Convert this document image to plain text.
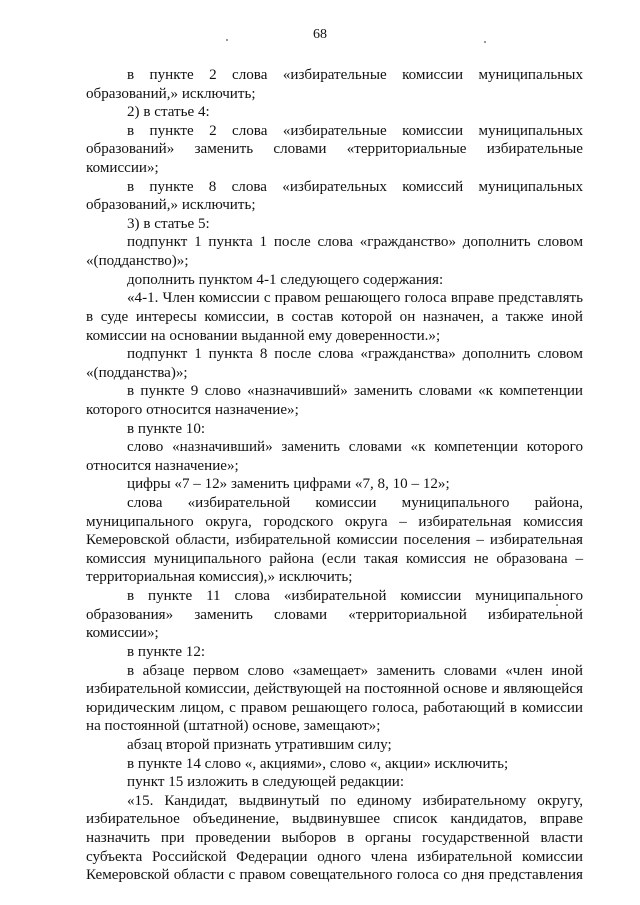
68
в пункте 2 слова «избирательные комиссии муниципальных
образований,» исключить;
2) в статье 4:
в пункте 2 слова «избирательные комиссии муниципальных
образований» заменить словами «территориальные избирательные
комиссии»;
в пункте 8 слова «избирательных комиссий муниципальных
образований,» исключить;
3) в статье 5:
подпункт 1 пункта 1 после слова «гражданство» дополнить словом
«(подданство)»;
дополнить пунктом 4-1 следующего содержания:
«4-1. Член комиссии с правом решающего голоса вправе представлять
в суде интересы комиссии, в состав которой он назначен, а также иной
комиссии на основании выданной ему доверенности.»;
подпункт 1 пункта 8 после слова «гражданства» дополнить словом
«(подданства)»;
в пункте 9 слово «назначивший» заменить словами «к компетенции
которого относится назначение»;
в пункте 10:
слово «назначивший» заменить словами «к компетенции которого
относится назначение»;
цифры «7 – 12» заменить цифрами «7, 8, 10 – 12»;
слова «избирательной комиссии муниципального района,
муниципального округа, городского округа – избирательная комиссия
Кемеровской области, избирательной комиссии поселения – избирательная
комиссия муниципального района (если такая комиссия не образована –
территориальная комиссия),» исключить;
в пункте 11 слова «избирательной комиссии муниципального
образования» заменить словами «территориальной избирательной
комиссии»;
в пункте 12:
в абзаце первом слово «замещает» заменить словами «член иной
избирательной комиссии, действующей на постоянной основе и являющейся
юридическим лицом, с правом решающего голоса, работающий в комиссии
на постоянной (штатной) основе, замещают»;
абзац второй признать утратившим силу;
в пункте 14 слово «, акциями», слово «, акции» исключить;
пункт 15 изложить в следующей редакции:
«15. Кандидат, выдвинутый по единому избирательному округу,
избирательное объединение, выдвинувшее список кандидатов, вправе
назначить при проведении выборов в органы государственной власти
субъекта Российской Федерации одного члена избирательной комиссии
Кемеровской области с правом совещательного голоса со дня представления
